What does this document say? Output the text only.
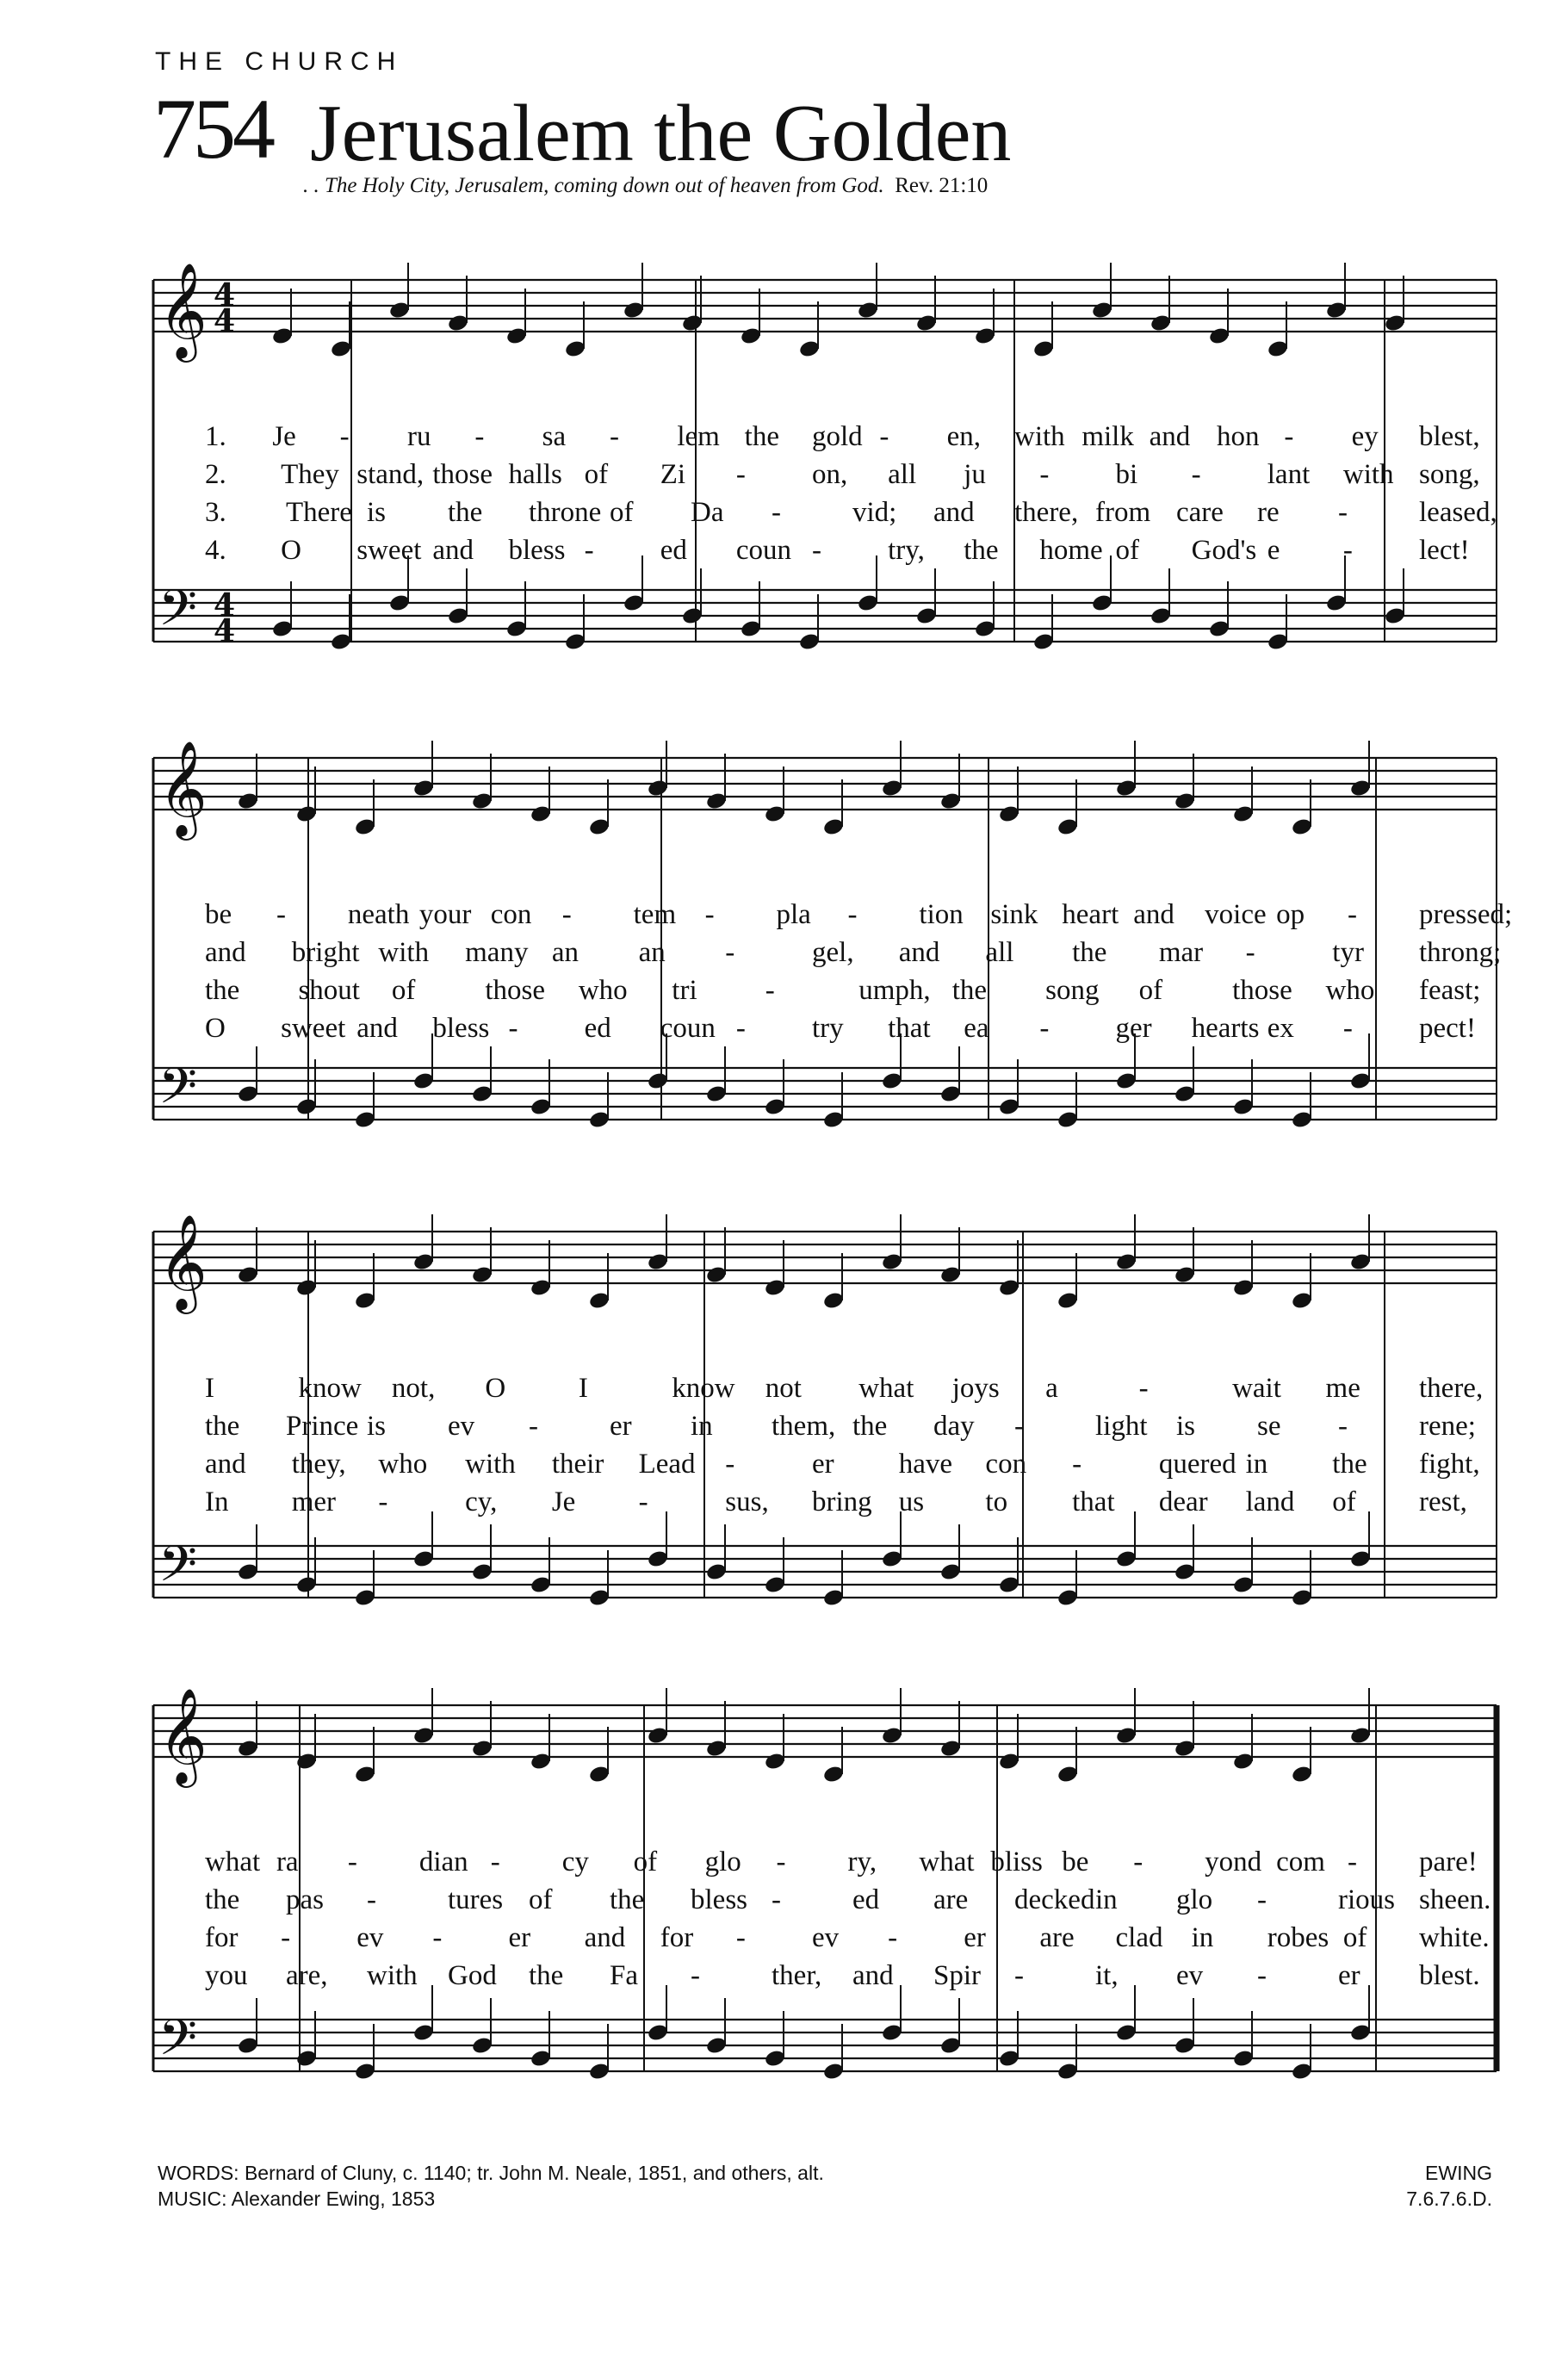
THE CHURCH
754 Jerusalem the Golden
. . The Holy City, Jerusalem, coming down out of heaven from God. Rev. 21:10
𝄞 4
4
𝄢 4
4
1. Je - ru - sa - lem the gold - en, with milk and hon - ey blest,
2. They stand, those halls of Zi - on, all ju - bi - lant with song,
3. There is the throne of Da -	vid; and there, from care re -	leased,
4. O sweet and bless - ed coun - try, the home of God's e - lect!
𝄞
𝄢
be - neath your con - tem - pla - tion sink heart and voice op - pressed;
and bright with many an an -	gel, and all the mar -	tyr throng;
the shout of those who tri -	umph, the song of those who feast;
O sweet and bless - ed coun - try that ea - ger hearts ex - pect!
𝄞
𝄢
I	know not, O	I	know not what joys a	-	wait me there,
the Prince is ev -	er in them, the day -	light is se -	rene;
and they, who with their Lead -	er have con -	quered in the fight,
In mer -	cy, Je -	sus, bring us to that dear land of rest,
𝄞
𝄢
what ra - dian - cy of glo - ry, what bliss be - yond com - pare!
the pas -	tures of the bless -	ed are decked in glo -	rious sheen.
for - ev - er and for - ev - er are clad in robes of white.
you are, with God the Fa -	ther, and Spir -	it, ev -	er blest.
WORDS: Bernard of Cluny, c. 1140; tr. John M. Neale, 1851, and others, alt.
MUSIC: Alexander Ewing, 1853
EWING
7.6.7.6.D.
